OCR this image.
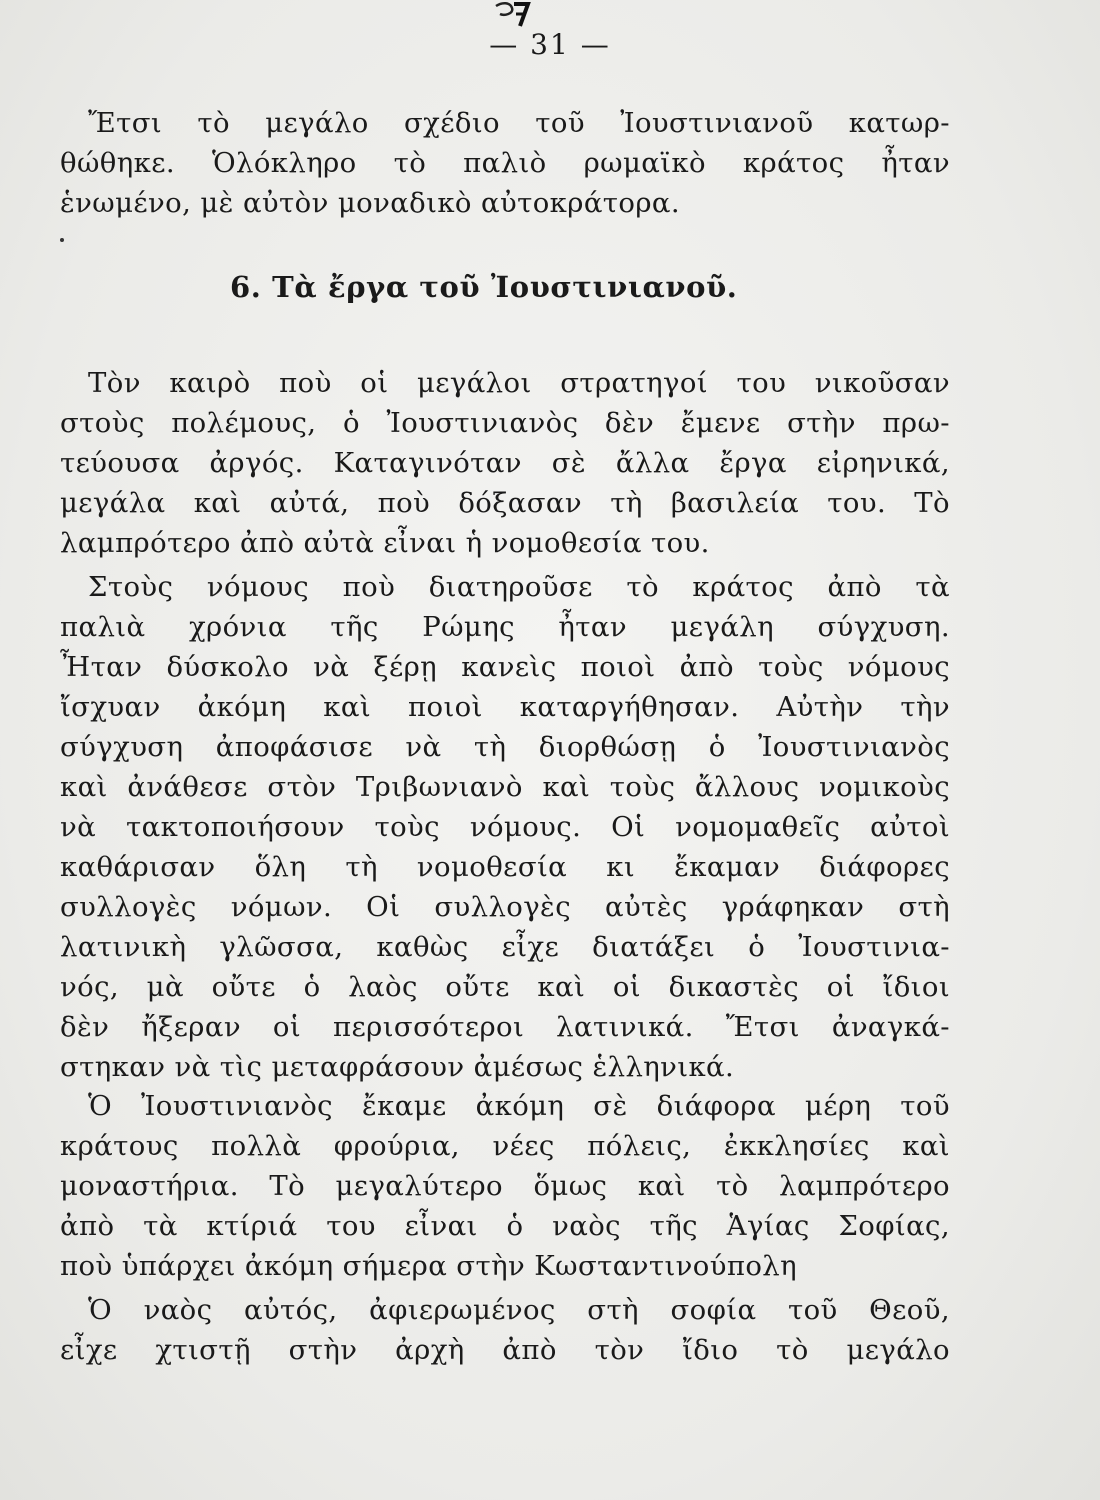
— 31 —
Ἔτσι τὸ μεγάλο σχέδιο τοῦ Ἰουστινιανοῦ κατωρ-
θώθηκε. Ὁλόκληρο τὸ παλιὸ ρωμαϊκὸ κράτος ἦταν
ἑνωμένο, μὲ αὐτὸν μοναδικὸ αὐτοκράτορα.
6. Τὰ ἔργα τοῦ Ἰουστινιανοῦ.
Τὸν καιρὸ ποὺ οἱ μεγάλοι στρατηγοί του νικοῦσαν
στοὺς πολέμους, ὁ Ἰουστινιανὸς δὲν ἔμενε στὴν πρω-
τεύουσα ἀργός. Καταγινόταν σὲ ἄλλα ἔργα εἰρηνικά,
μεγάλα καὶ αὐτά, ποὺ δόξασαν τὴ βασιλεία του. Τὸ
λαμπρότερο ἀπὸ αὐτὰ εἶναι ἡ νομοθεσία του.
Στοὺς νόμους ποὺ διατηροῦσε τὸ κράτος ἀπὸ τὰ
παλιὰ χρόνια τῆς Ρώμης ἦταν μεγάλη σύγχυση.
Ἦταν δύσκολο νὰ ξέρῃ κανεὶς ποιοὶ ἀπὸ τοὺς νόμους
ἴσχυαν ἀκόμη καὶ ποιοὶ καταργήθησαν. Αὐτὴν τὴν
σύγχυση ἀποφάσισε νὰ τὴ διορθώσῃ ὁ Ἰουστινιανὸς
καὶ ἀνάθεσε στὸν Τριβωνιανὸ καὶ τοὺς ἄλλους νομικοὺς
νὰ τακτοποιήσουν τοὺς νόμους. Οἱ νομομαθεῖς αὐτοὶ
καθάρισαν ὅλη τὴ νομοθεσία κι ἔκαμαν διάφορες
συλλογὲς νόμων. Οἱ συλλογὲς αὐτὲς γράφηκαν στὴ
λατινικὴ γλῶσσα, καθὼς εἶχε διατάξει ὁ Ἰουστινια-
νός, μὰ οὔτε ὁ λαὸς οὔτε καὶ οἱ δικαστὲς οἱ ἴδιοι
δὲν ἤξεραν οἱ περισσότεροι λατινικά. Ἔτσι ἀναγκά-
στηκαν νὰ τὶς μεταφράσουν ἀμέσως ἑλληνικά.
Ὁ Ἰουστινιανὸς ἔκαμε ἀκόμη σὲ διάφορα μέρη τοῦ
κράτους πολλὰ φρούρια, νέες πόλεις, ἐκκλησίες καὶ
μοναστήρια. Τὸ μεγαλύτερο ὅμως καὶ τὸ λαμπρότερο
ἀπὸ τὰ κτίριά του εἶναι ὁ ναὸς τῆς Ἁγίας Σοφίας,
ποὺ ὑπάρχει ἀκόμη σήμερα στὴν Κωσταντινούπολη
Ὁ ναὸς αὐτός, ἀφιερωμένος στὴ σοφία τοῦ Θεοῦ,
εἶχε χτιστῇ στὴν ἀρχὴ ἀπὸ τὸν ἴδιο τὸ μεγάλο
